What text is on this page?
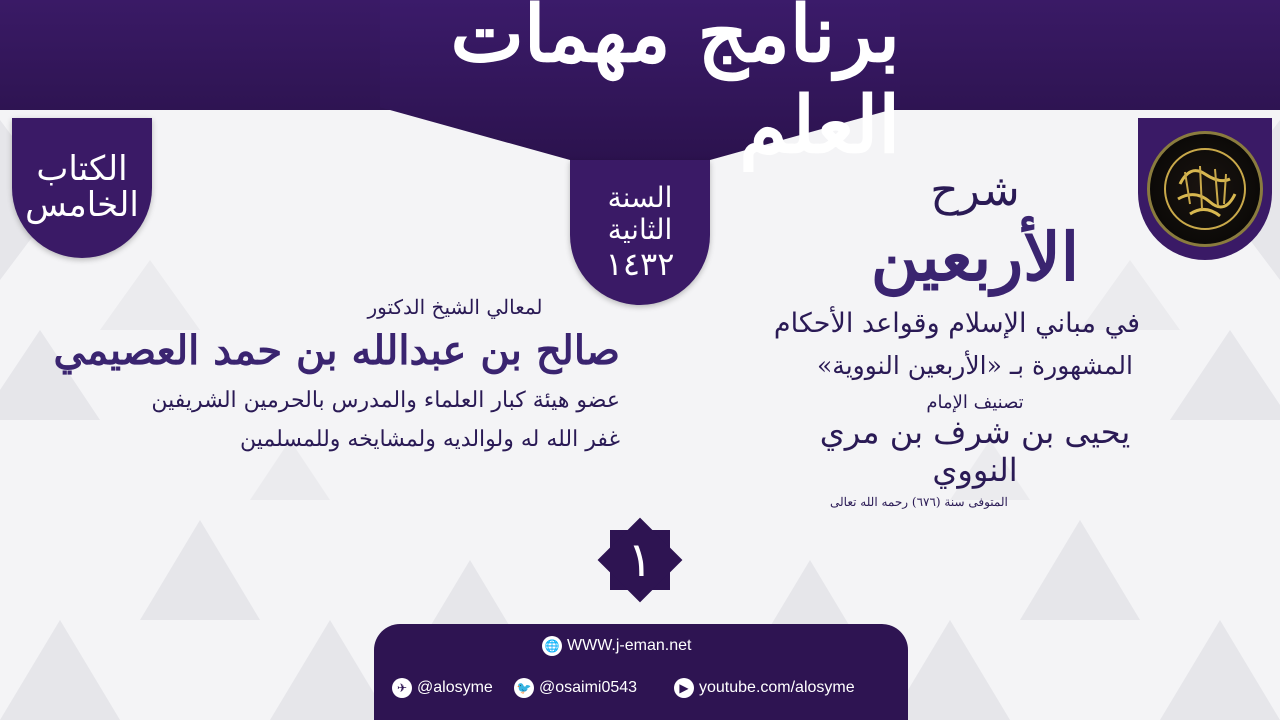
برنامج مهمات العلم
الكتاب
الخامس	السنة
الثانية
١٤٣٢
شرح
الأربعين
في مباني الإسلام وقواعد الأحكام
المشهورة بـ «الأربعين النووية»
تصنيف الإمام
يحيى بن شرف بن مري النووي
المتوفى سنة (٦٧٦) رحمه الله تعالى
لمعالي الشيخ الدكتور
صالح بن عبدالله بن حمد العصيمي
عضو هيئة كبار العلماء والمدرس بالحرمين الشريفين
غفر الله له ولوالديه ولمشايخه وللمسلمين
١
🌐 WWW.j-eman.net
✈ @alosyme 🐦 @osaimi0543	▶ youtube.com/alosyme
